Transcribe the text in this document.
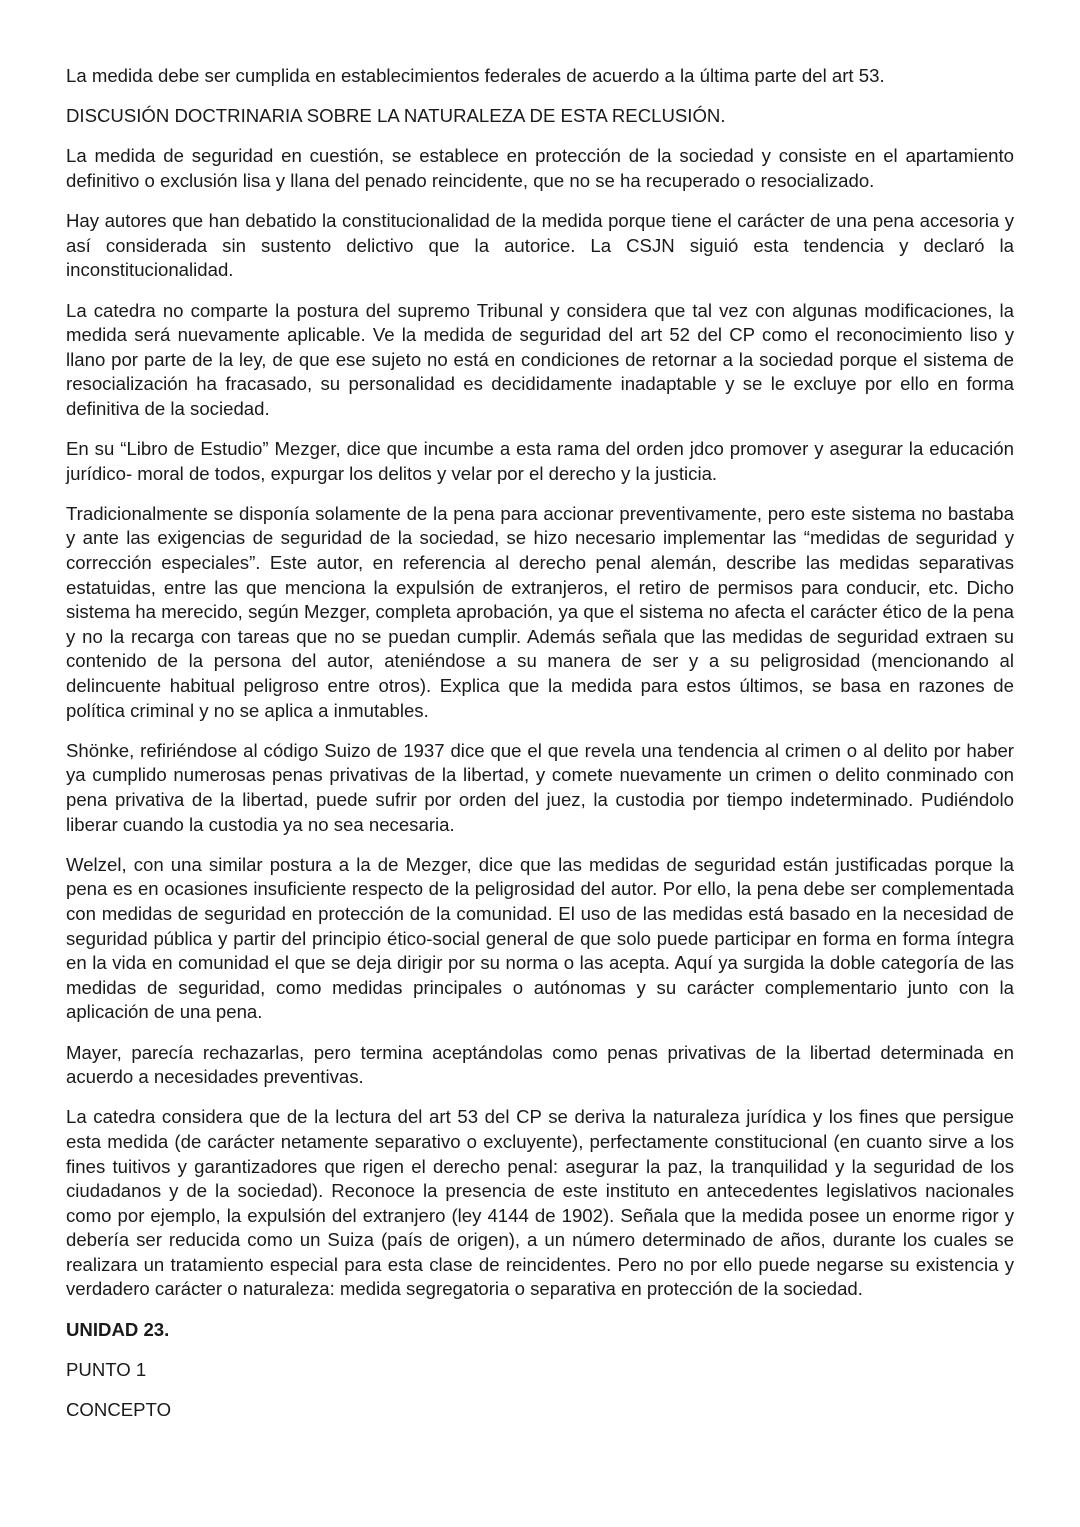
La medida debe ser cumplida en establecimientos federales de acuerdo a la última parte del art 53.

DISCUSIÓN DOCTRINARIA SOBRE LA NATURALEZA DE ESTA RECLUSIÓN.

La medida de seguridad en cuestión, se establece en protección de la sociedad y consiste en el apartamiento definitivo o exclusión lisa y llana del penado reincidente, que no se ha recuperado o resocializado.

Hay autores que han debatido la constitucionalidad de la medida porque tiene el carácter de una pena accesoria y así considerada sin sustento delictivo que la autorice. La CSJN siguió esta tendencia y declaró la inconstitucionalidad.

La catedra no comparte la postura del supremo Tribunal y considera que tal vez con algunas modificaciones, la medida será nuevamente aplicable. Ve la medida de seguridad del art 52 del CP como el reconocimiento liso y llano por parte de la ley, de que ese sujeto no está en condiciones de retornar a la sociedad porque el sistema de resocialización ha fracasado, su personalidad es decididamente inadaptable y se le excluye por ello en forma definitiva de la sociedad.

En su “Libro de Estudio” Mezger, dice que incumbe a esta rama del orden jdco promover y asegurar la educación jurídico- moral de todos, expurgar los delitos y velar por el derecho y la justicia.

Tradicionalmente se disponía solamente de la pena para accionar preventivamente, pero este sistema no bastaba y ante las exigencias de seguridad de la sociedad, se hizo necesario implementar las “medidas de seguridad y corrección especiales”. Este autor, en referencia al derecho penal alemán, describe las medidas separativas estatuidas, entre las que menciona la expulsión de extranjeros, el retiro de permisos para conducir, etc. Dicho sistema ha merecido, según Mezger, completa aprobación, ya que el sistema no afecta el carácter ético de la pena y no la recarga con tareas que no se puedan cumplir. Además señala que las medidas de seguridad extraen su contenido de la persona del autor, ateniéndose a su manera de ser y a su peligrosidad (mencionando al delincuente habitual peligroso entre otros). Explica que la medida para estos últimos, se basa en razones de política criminal y no se aplica a inmutables.

Shönke, refiriéndose al código Suizo de 1937 dice que el que revela una tendencia al crimen o al delito por haber ya cumplido numerosas penas privativas de la libertad, y comete nuevamente un crimen o delito conminado con pena privativa de la libertad, puede sufrir por orden del juez, la custodia por tiempo indeterminado. Pudiéndolo liberar cuando la custodia ya no sea necesaria.

Welzel, con una similar postura a la de Mezger, dice que las medidas de seguridad están justificadas porque la pena es en ocasiones insuficiente respecto de la peligrosidad del autor. Por ello, la pena debe ser complementada con medidas de seguridad en protección de la comunidad. El uso de las medidas está basado en la necesidad de seguridad pública y partir del principio ético-social general de que solo puede participar en forma en forma íntegra en la vida en comunidad el que se deja dirigir por su norma o las acepta. Aquí ya surgida la doble categoría de las medidas de seguridad, como medidas principales o autónomas y su carácter complementario junto con la aplicación de una pena.

Mayer, parecía rechazarlas, pero termina aceptándolas como penas privativas de la libertad determinada en acuerdo a necesidades preventivas.

La catedra considera que de la lectura del art 53 del CP se deriva la naturaleza jurídica y los fines que persigue esta medida (de carácter netamente separativo o excluyente), perfectamente constitucional (en cuanto sirve a los fines tuitivos y garantizadores que rigen el derecho penal: asegurar la paz, la tranquilidad y la seguridad de los ciudadanos y de la sociedad). Reconoce la presencia de este instituto en antecedentes legislativos nacionales como por ejemplo, la expulsión del extranjero (ley 4144 de 1902). Señala que la medida posee un enorme rigor y debería ser reducida como un Suiza (país de origen), a un número determinado de años, durante los cuales se realizara un tratamiento especial para esta clase de reincidentes. Pero no por ello puede negarse su existencia y verdadero carácter o naturaleza: medida segregatoria o separativa en protección de la sociedad.

UNIDAD 23.

PUNTO 1

CONCEPTO
